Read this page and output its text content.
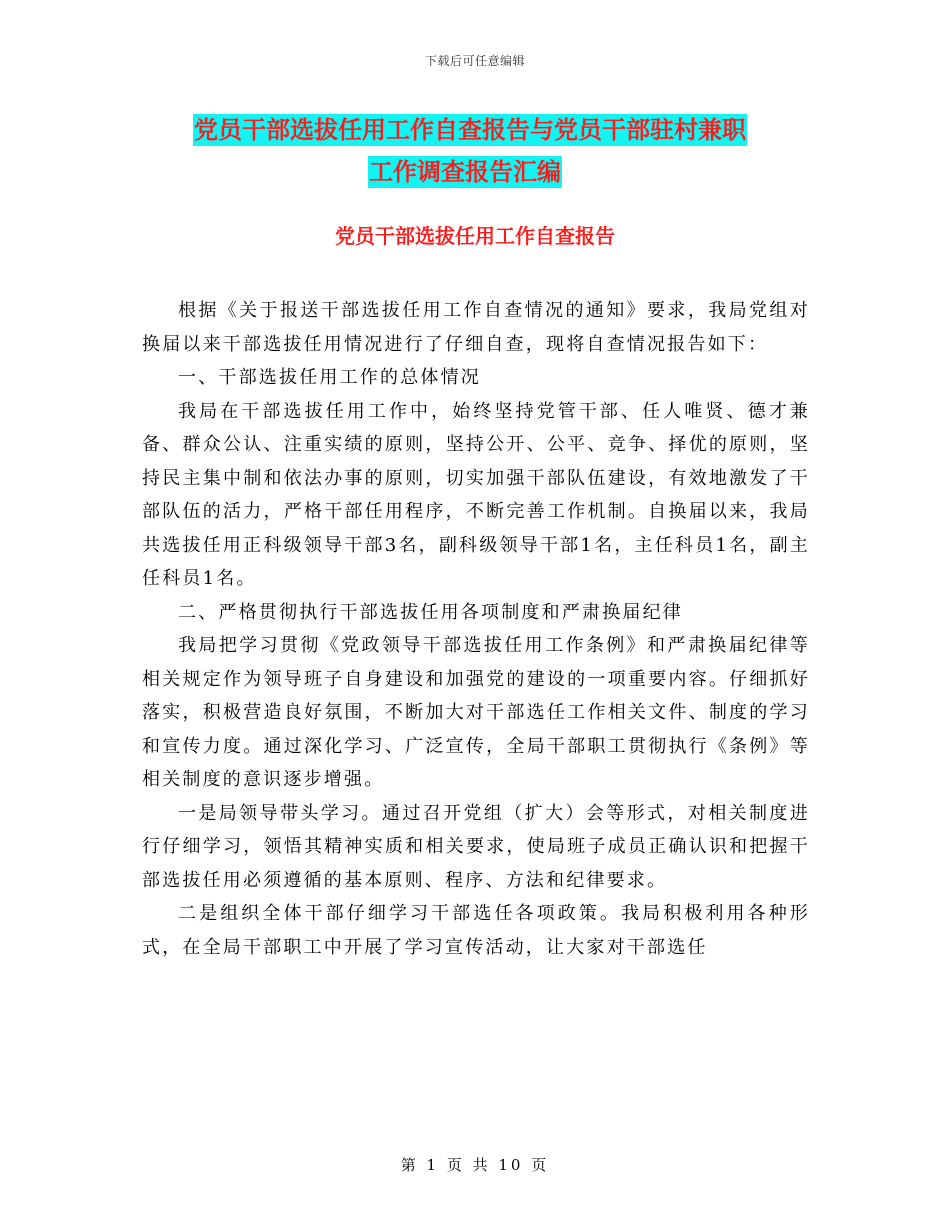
下载后可任意编辑
党员干部选拔任用工作自查报告与党员干部驻村兼职
工作调查报告汇编
党员干部选拔任用工作自查报告

根据《关于报送干部选拔任用工作自查情况的通知》要求，我局党组对换届以来干部选拔任用情况进行了仔细自查，现将自查情况报告如下：

一、干部选拔任用工作的总体情况

我局在干部选拔任用工作中，始终坚持党管干部、任人唯贤、德才兼备、群众公认、注重实绩的原则，坚持公开、公平、竞争、择优的原则，坚持民主集中制和依法办事的原则，切实加强干部队伍建设，有效地激发了干部队伍的活力，严格干部任用程序，不断完善工作机制。自换届以来，我局共选拔任用正科级领导干部3名，副科级领导干部1名，主任科员1名，副主任科员1名。

二、严格贯彻执行干部选拔任用各项制度和严肃换届纪律

我局把学习贯彻《党政领导干部选拔任用工作条例》和严肃换届纪律等相关规定作为领导班子自身建设和加强党的建设的一项重要内容。仔细抓好落实，积极营造良好氛围，不断加大对干部选任工作相关文件、制度的学习和宣传力度。通过深化学习、广泛宣传，全局干部职工贯彻执行《条例》等相关制度的意识逐步增强。

一是局领导带头学习。通过召开党组（扩大）会等形式，对相关制度进行仔细学习，领悟其精神实质和相关要求，使局班子成员正确认识和把握干部选拔任用必须遵循的基本原则、程序、方法和纪律要求。

二是组织全体干部仔细学习干部选任各项政策。我局积极利用各种形式，在全局干部职工中开展了学习宣传活动，让大家对干部选任

第 1 页 共 10 页
